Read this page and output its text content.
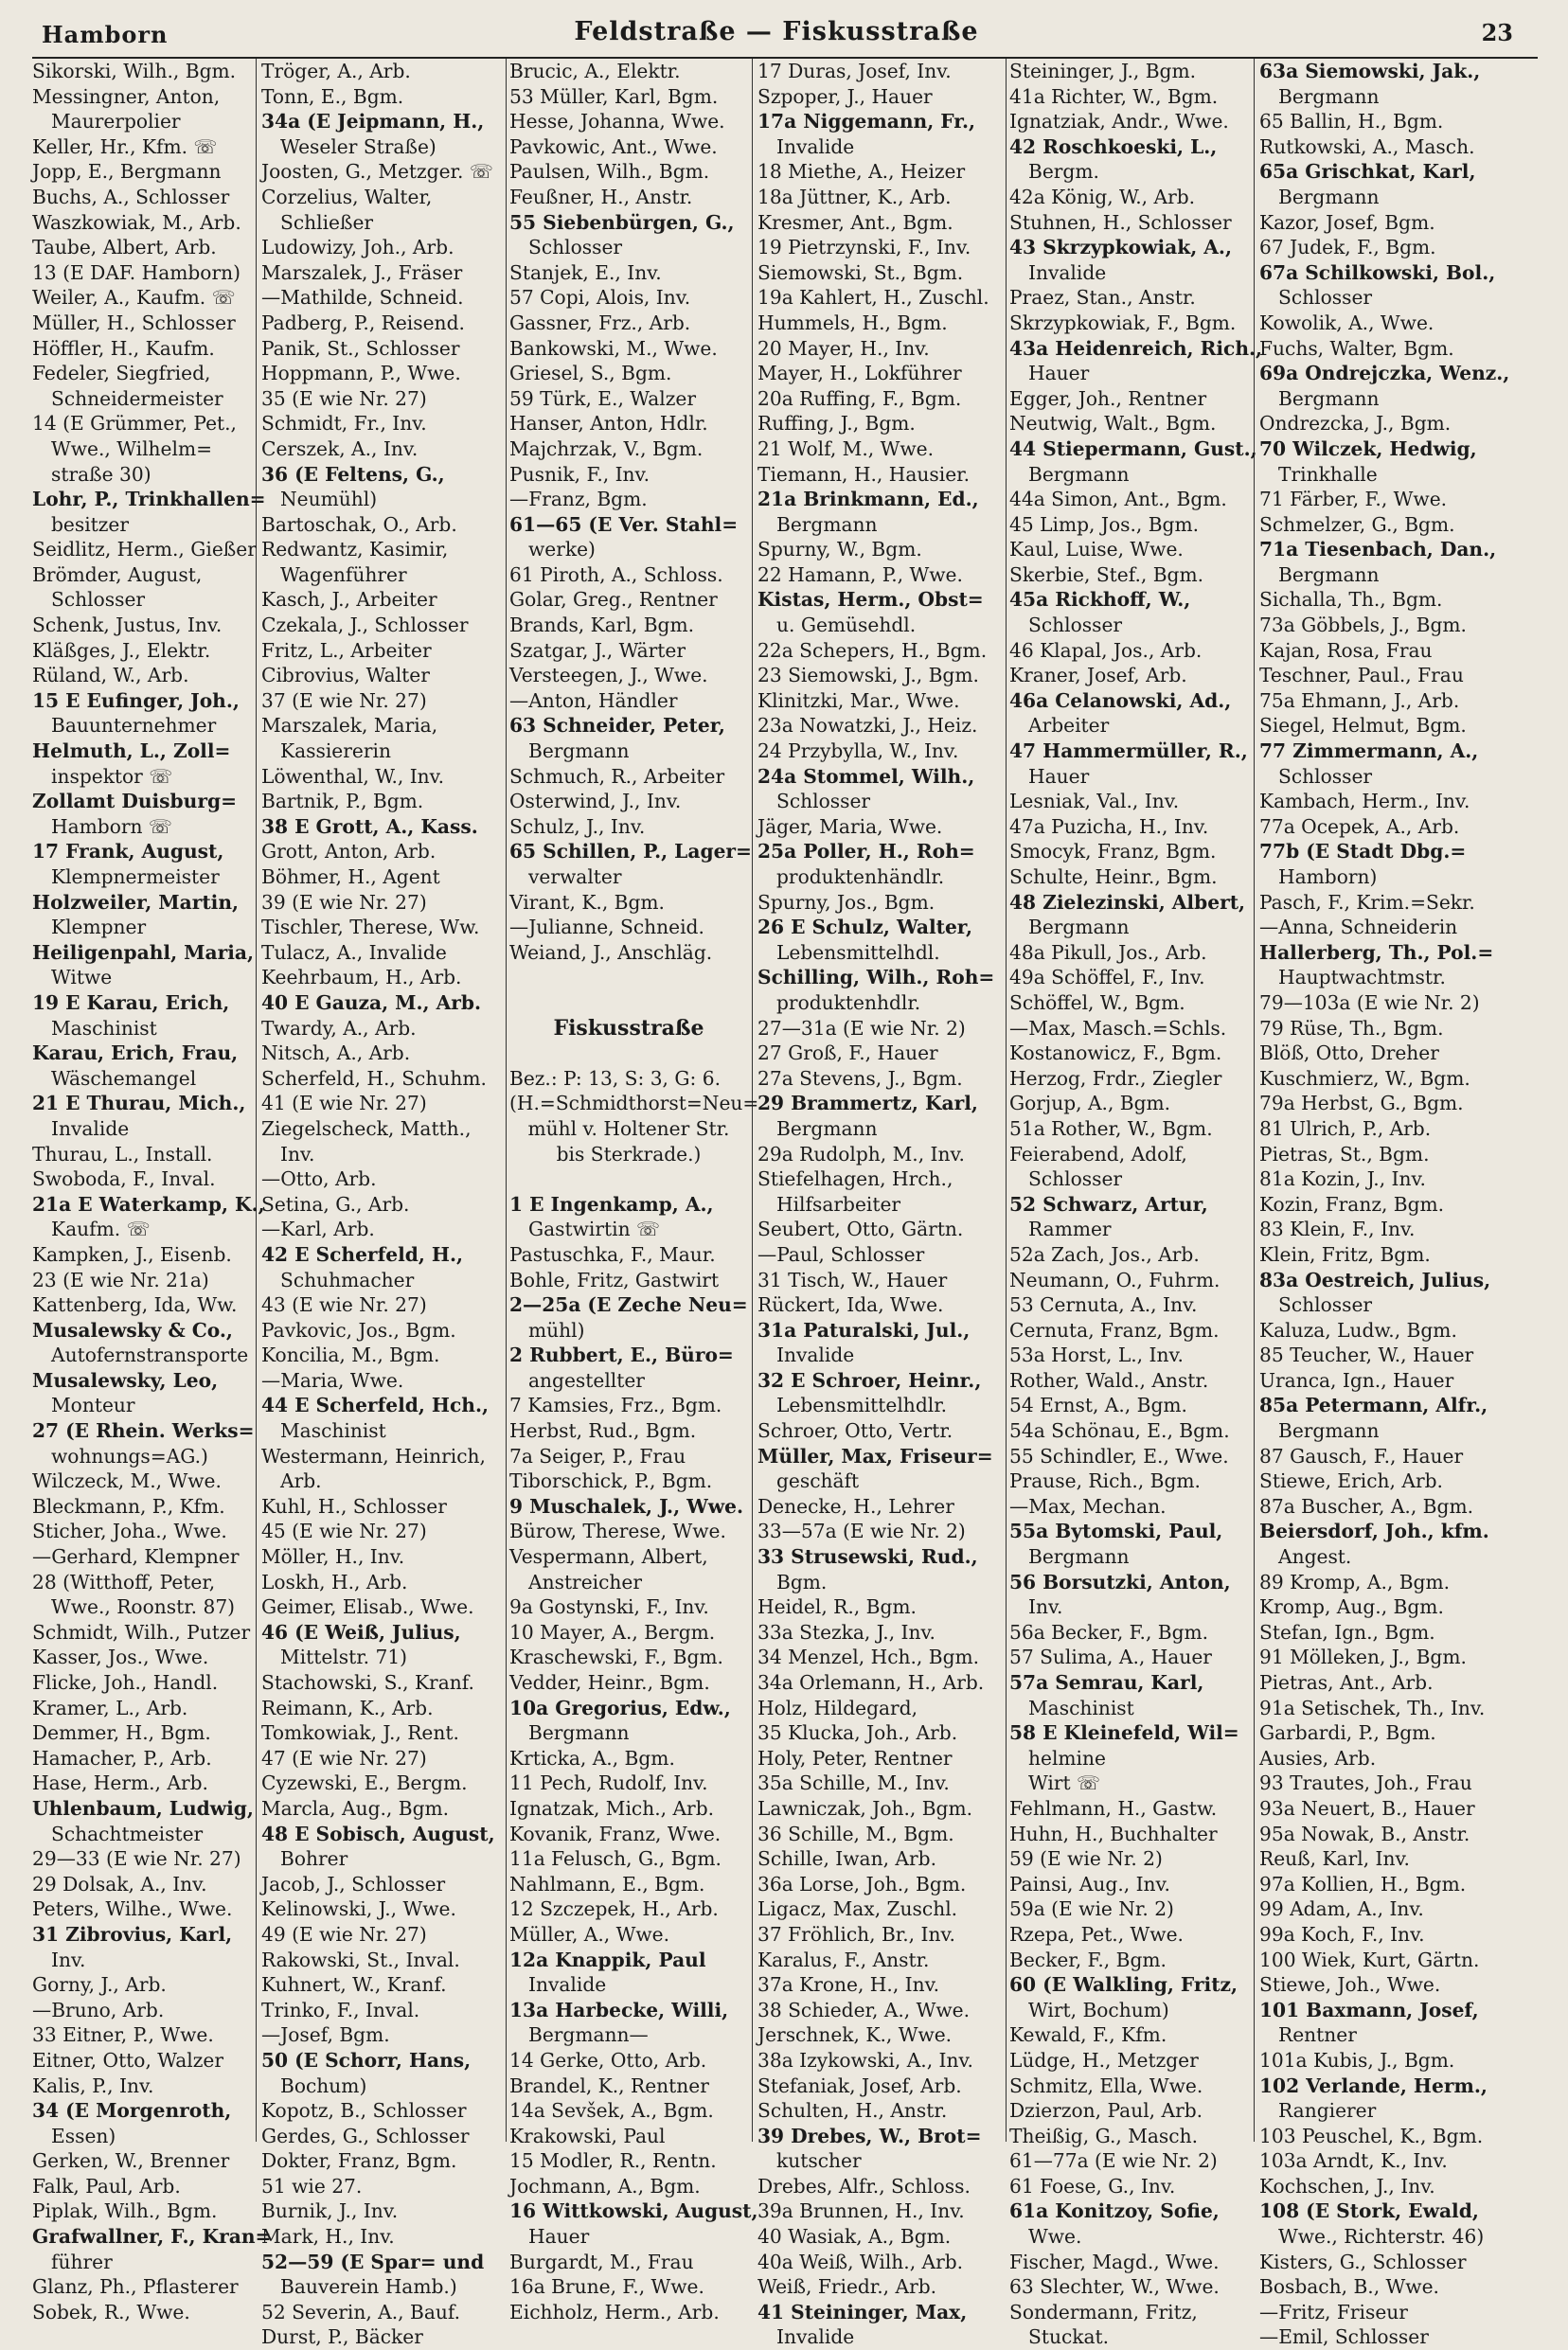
Hamborn	Feldstraße — Fiskusstraße	23
Sikorski, Wilh., Bgm.
Messingner, Anton,
Maurerpolier
Keller, Hr., Kfm. ☏
Jopp, E., Bergmann
Buchs, A., Schlosser
Waszkowiak, M., Arb.
Taube, Albert, Arb.
13 (E DAF. Hamborn)
Weiler, A., Kaufm. ☏
Müller, H., Schlosser
Höffler, H., Kaufm.
Fedeler, Siegfried,
Schneidermeister
14 (E Grümmer, Pet.,
Wwe., Wilhelm=
straße 30)
Lohr, P., Trinkhallen=
besitzer
Seidlitz, Herm., Gießer
Brömder, August,
Schlosser
Schenk, Justus, Inv.
Kläßges, J., Elektr.
Rüland, W., Arb.
15 E Eufinger, Joh.,
Bauunternehmer
Helmuth, L., Zoll=
inspektor ☏
Zollamt Duisburg=
Hamborn ☏
17 Frank, August,
Klempnermeister
Holzweiler, Martin,
Klempner
Heiligenpahl, Maria,
Witwe
19 E Karau, Erich,
Maschinist
Karau, Erich, Frau,
Wäschemangel
21 E Thurau, Mich.,
Invalide
Thurau, L., Install.
Swoboda, F., Inval.
21a E Waterkamp, K.,
Kaufm. ☏
Kampken, J., Eisenb.
23 (E wie Nr. 21a)
Kattenberg, Ida, Ww.
Musalewsky & Co.,
Autofernstransporte
Musalewsky, Leo,
Monteur
27 (E Rhein. Werks=
wohnungs=AG.)
Wilczeck, M., Wwe.
Bleckmann, P., Kfm.
Sticher, Joha., Wwe.
—Gerhard, Klempner
28 (Witthoff, Peter,
Wwe., Roonstr. 87)
Schmidt, Wilh., Putzer
Kasser, Jos., Wwe.
Flicke, Joh., Handl.
Kramer, L., Arb.
Demmer, H., Bgm.
Hamacher, P., Arb.
Hase, Herm., Arb.
Uhlenbaum, Ludwig,
Schachtmeister
29—33 (E wie Nr. 27)
29 Dolsak, A., Inv.
Peters, Wilhe., Wwe.
31 Zibrovius, Karl,
Inv.
Gorny, J., Arb.
—Bruno, Arb.
33 Eitner, P., Wwe.
Eitner, Otto, Walzer
Kalis, P., Inv.
34 (E Morgenroth,
Essen)
Gerken, W., Brenner
Falk, Paul, Arb.
Piplak, Wilh., Bgm.
Grafwallner, F., Kran=
führer
Glanz, Ph., Pflasterer
Sobek, R., Wwe.
Tröger, A., Arb.
Tonn, E., Bgm.
34a (E Jeipmann, H.,
Weseler Straße)
Joosten, G., Metzger. ☏
Corzelius, Walter,
Schließer
Ludowizy, Joh., Arb.
Marszalek, J., Fräser
—Mathilde, Schneid.
Padberg, P., Reisend.
Panik, St., Schlosser
Hoppmann, P., Wwe.
35 (E wie Nr. 27)
Schmidt, Fr., Inv.
Cerszek, A., Inv.
36 (E Feltens, G.,
Neumühl)
Bartoschak, O., Arb.
Redwantz, Kasimir,
Wagenführer
Kasch, J., Arbeiter
Czekala, J., Schlosser
Fritz, L., Arbeiter
Cibrovius, Walter
37 (E wie Nr. 27)
Marszalek, Maria,
Kassiererin
Löwenthal, W., Inv.
Bartnik, P., Bgm.
38 E Grott, A., Kass.
Grott, Anton, Arb.
Böhmer, H., Agent
39 (E wie Nr. 27)
Tischler, Therese, Ww.
Tulacz, A., Invalide
Keehrbaum, H., Arb.
40 E Gauza, M., Arb.
Twardy, A., Arb.
Nitsch, A., Arb.
Scherfeld, H., Schuhm.
41 (E wie Nr. 27)
Ziegelscheck, Matth.,
Inv.
—Otto, Arb.
Setina, G., Arb.
—Karl, Arb.
42 E Scherfeld, H.,
Schuhmacher
43 (E wie Nr. 27)
Pavkovic, Jos., Bgm.
Koncilia, M., Bgm.
—Maria, Wwe.
44 E Scherfeld, Hch.,
Maschinist
Westermann, Heinrich,
Arb.
Kuhl, H., Schlosser
45 (E wie Nr. 27)
Möller, H., Inv.
Loskh, H., Arb.
Geimer, Elisab., Wwe.
46 (E Weiß, Julius,
Mittelstr. 71)
Stachowski, S., Kranf.
Reimann, K., Arb.
Tomkowiak, J., Rent.
47 (E wie Nr. 27)
Cyzewski, E., Bergm.
Marcla, Aug., Bgm.
48 E Sobisch, August,
Bohrer
Jacob, J., Schlosser
Kelinowski, J., Wwe.
49 (E wie Nr. 27)
Rakowski, St., Inval.
Kuhnert, W., Kranf.
Trinko, F., Inval.
—Josef, Bgm.
50 (E Schorr, Hans,
Bochum)
Kopotz, B., Schlosser
Gerdes, G., Schlosser
Dokter, Franz, Bgm.
51 wie 27.
Burnik, J., Inv.
Mark, H., Inv.
52—59 (E Spar= und
Bauverein Hamb.)
52 Severin, A., Bauf.
Durst, P., Bäcker
Brucic, A., Elektr.
53 Müller, Karl, Bgm.
Hesse, Johanna, Wwe.
Pavkowic, Ant., Wwe.
Paulsen, Wilh., Bgm.
Feußner, H., Anstr.
55 Siebenbürgen, G.,
Schlosser
Stanjek, E., Inv.
57 Copi, Alois, Inv.
Gassner, Frz., Arb.
Bankowski, M., Wwe.
Griesel, S., Bgm.
59 Türk, E., Walzer
Hanser, Anton, Hdlr.
Majchrzak, V., Bgm.
Pusnik, F., Inv.
—Franz, Bgm.
61—65 (E Ver. Stahl=
werke)
61 Piroth, A., Schloss.
Golar, Greg., Rentner
Brands, Karl, Bgm.
Szatgar, J., Wärter
Versteegen, J., Wwe.
—Anton, Händler
63 Schneider, Peter,
Bergmann
Schmuch, R., Arbeiter
Osterwind, J., Inv.
Schulz, J., Inv.
65 Schillen, P., Lager=
verwalter
Virant, K., Bgm.
—Julianne, Schneid.
Weiand, J., Anschläg.
Fiskusstraße
Bez.: P: 13, S: 3, G: 6.
(H.=Schmidthorst=Neu=
mühl v. Holtener Str.
bis Sterkrade.)
1 E Ingenkamp, A.,
Gastwirtin ☏
Pastuschka, F., Maur.
Bohle, Fritz, Gastwirt
2—25a (E Zeche Neu=
mühl)
2 Rubbert, E., Büro=
angestellter
7 Kamsies, Frz., Bgm.
Herbst, Rud., Bgm.
7a Seiger, P., Frau
Tiborschick, P., Bgm.
9 Muschalek, J., Wwe.
Bürow, Therese, Wwe.
Vespermann, Albert,
Anstreicher
9a Gostynski, F., Inv.
10 Mayer, A., Bergm.
Kraschewski, F., Bgm.
Vedder, Heinr., Bgm.
10a Gregorius, Edw.,
Bergmann
Krticka, A., Bgm.
11 Pech, Rudolf, Inv.
Ignatzak, Mich., Arb.
Kovanik, Franz, Wwe.
11a Felusch, G., Bgm.
Nahlmann, E., Bgm.
12 Szczepek, H., Arb.
Müller, A., Wwe.
12a Knappik, Paul
Invalide
13a Harbecke, Willi,
Bergmann—
14 Gerke, Otto, Arb.
Brandel, K., Rentner
14a Sevšek, A., Bgm.
Krakowski, Paul
15 Modler, R., Rentn.
Jochmann, A., Bgm.
16 Wittkowski, August,
Hauer
Burgardt, M., Frau
16a Brune, F., Wwe.
Eichholz, Herm., Arb.
17 Duras, Josef, Inv.
Szpoper, J., Hauer
17a Niggemann, Fr.,
Invalide
18 Miethe, A., Heizer
18a Jüttner, K., Arb.
Kresmer, Ant., Bgm.
19 Pietrzynski, F., Inv.
Siemowski, St., Bgm.
19a Kahlert, H., Zuschl.
Hummels, H., Bgm.
20 Mayer, H., Inv.
Mayer, H., Lokführer
20a Ruffing, F., Bgm.
Ruffing, J., Bgm.
21 Wolf, M., Wwe.
Tiemann, H., Hausier.
21a Brinkmann, Ed.,
Bergmann
Spurny, W., Bgm.
22 Hamann, P., Wwe.
Kistas, Herm., Obst=
u. Gemüsehdl.
22a Schepers, H., Bgm.
23 Siemowski, J., Bgm.
Klinitzki, Mar., Wwe.
23a Nowatzki, J., Heiz.
24 Przybylla, W., Inv.
24a Stommel, Wilh.,
Schlosser
Jäger, Maria, Wwe.
25a Poller, H., Roh=
produktenhändlr.
Spurny, Jos., Bgm.
26 E Schulz, Walter,
Lebensmittelhdl.
Schilling, Wilh., Roh=
produktenhdlr.
27—31a (E wie Nr. 2)
27 Groß, F., Hauer
27a Stevens, J., Bgm.
29 Brammertz, Karl,
Bergmann
29a Rudolph, M., Inv.
Stiefelhagen, Hrch.,
Hilfsarbeiter
Seubert, Otto, Gärtn.
—Paul, Schlosser
31 Tisch, W., Hauer
Rückert, Ida, Wwe.
31a Paturalski, Jul.,
Invalide
32 E Schroer, Heinr.,
Lebensmittelhdlr.
Schroer, Otto, Vertr.
Müller, Max, Friseur=
geschäft
Denecke, H., Lehrer
33—57a (E wie Nr. 2)
33 Strusewski, Rud.,
Bgm.
Heidel, R., Bgm.
33a Stezka, J., Inv.
34 Menzel, Hch., Bgm.
34a Orlemann, H., Arb.
Holz, Hildegard,
35 Klucka, Joh., Arb.
Holy, Peter, Rentner
35a Schille, M., Inv.
Lawniczak, Joh., Bgm.
36 Schille, M., Bgm.
Schille, Iwan, Arb.
36a Lorse, Joh., Bgm.
Ligacz, Max, Zuschl.
37 Fröhlich, Br., Inv.
Karalus, F., Anstr.
37a Krone, H., Inv.
38 Schieder, A., Wwe.
Jerschnek, K., Wwe.
38a Izykowski, A., Inv.
Stefaniak, Josef, Arb.
Schulten, H., Anstr.
39 Drebes, W., Brot=
kutscher
Drebes, Alfr., Schloss.
39a Brunnen, H., Inv.
40 Wasiak, A., Bgm.
40a Weiß, Wilh., Arb.
Weiß, Friedr., Arb.
41 Steininger, Max,
Invalide
Steininger, J., Bgm.
41a Richter, W., Bgm.
Ignatziak, Andr., Wwe.
42 Roschkoeski, L.,
Bergm.
42a König, W., Arb.
Stuhnen, H., Schlosser
43 Skrzypkowiak, A.,
Invalide
Praez, Stan., Anstr.
Skrzypkowiak, F., Bgm.
43a Heidenreich, Rich.,
Hauer
Egger, Joh., Rentner
Neutwig, Walt., Bgm.
44 Stiepermann, Gust.,
Bergmann
44a Simon, Ant., Bgm.
45 Limp, Jos., Bgm.
Kaul, Luise, Wwe.
Skerbie, Stef., Bgm.
45a Rickhoff, W.,
Schlosser
46 Klapal, Jos., Arb.
Kraner, Josef, Arb.
46a Celanowski, Ad.,
Arbeiter
47 Hammermüller, R.,
Hauer
Lesniak, Val., Inv.
47a Puzicha, H., Inv.
Smocyk, Franz, Bgm.
Schulte, Heinr., Bgm.
48 Zielezinski, Albert,
Bergmann
48a Pikull, Jos., Arb.
49a Schöffel, F., Inv.
Schöffel, W., Bgm.
—Max, Masch.=Schls.
Kostanowicz, F., Bgm.
Herzog, Frdr., Ziegler
Gorjup, A., Bgm.
51a Rother, W., Bgm.
Feierabend, Adolf,
Schlosser
52 Schwarz, Artur,
Rammer
52a Zach, Jos., Arb.
Neumann, O., Fuhrm.
53 Cernuta, A., Inv.
Cernuta, Franz, Bgm.
53a Horst, L., Inv.
Rother, Wald., Anstr.
54 Ernst, A., Bgm.
54a Schönau, E., Bgm.
55 Schindler, E., Wwe.
Prause, Rich., Bgm.
—Max, Mechan.
55a Bytomski, Paul,
Bergmann
56 Borsutzki, Anton,
Inv.
56a Becker, F., Bgm.
57 Sulima, A., Hauer
57a Semrau, Karl,
Maschinist
58 E Kleinefeld, Wil=
helmine
Wirt ☏
Fehlmann, H., Gastw.
Huhn, H., Buchhalter
59 (E wie Nr. 2)
Painsi, Aug., Inv.
59a (E wie Nr. 2)
Rzepa, Pet., Wwe.
Becker, F., Bgm.
60 (E Walkling, Fritz,
Wirt, Bochum)
Kewald, F., Kfm.
Lüdge, H., Metzger
Schmitz, Ella, Wwe.
Dzierzon, Paul, Arb.
Theißig, G., Masch.
61—77a (E wie Nr. 2)
61 Foese, G., Inv.
61a Konitzoy, Sofie,
Wwe.
Fischer, Magd., Wwe.
63 Slechter, W., Wwe.
Sondermann, Fritz,
Stuckat.
63a Siemowski, Jak.,
Bergmann
65 Ballin, H., Bgm.
Rutkowski, A., Masch.
65a Grischkat, Karl,
Bergmann
Kazor, Josef, Bgm.
67 Judek, F., Bgm.
67a Schilkowski, Bol.,
Schlosser
Kowolik, A., Wwe.
Fuchs, Walter, Bgm.
69a Ondrejczka, Wenz.,
Bergmann
Ondrezcka, J., Bgm.
70 Wilczek, Hedwig,
Trinkhalle
71 Färber, F., Wwe.
Schmelzer, G., Bgm.
71a Tiesenbach, Dan.,
Bergmann
Sichalla, Th., Bgm.
73a Göbbels, J., Bgm.
Kajan, Rosa, Frau
Teschner, Paul., Frau
75a Ehmann, J., Arb.
Siegel, Helmut, Bgm.
77 Zimmermann, A.,
Schlosser
Kambach, Herm., Inv.
77a Ocepek, A., Arb.
77b (E Stadt Dbg.=
Hamborn)
Pasch, F., Krim.=Sekr.
—Anna, Schneiderin
Hallerberg, Th., Pol.=
Hauptwachtmstr.
79—103a (E wie Nr. 2)
79 Rüse, Th., Bgm.
Blöß, Otto, Dreher
Kuschmierz, W., Bgm.
79a Herbst, G., Bgm.
81 Ulrich, P., Arb.
Pietras, St., Bgm.
81a Kozin, J., Inv.
Kozin, Franz, Bgm.
83 Klein, F., Inv.
Klein, Fritz, Bgm.
83a Oestreich, Julius,
Schlosser
Kaluza, Ludw., Bgm.
85 Teucher, W., Hauer
Uranca, Ign., Hauer
85a Petermann, Alfr.,
Bergmann
87 Gausch, F., Hauer
Stiewe, Erich, Arb.
87a Buscher, A., Bgm.
Beiersdorf, Joh., kfm.
Angest.
89 Kromp, A., Bgm.
Kromp, Aug., Bgm.
Stefan, Ign., Bgm.
91 Mölleken, J., Bgm.
Pietras, Ant., Arb.
91a Setischek, Th., Inv.
Garbardi, P., Bgm.
Ausies, Arb.
93 Trautes, Joh., Frau
93a Neuert, B., Hauer
95a Nowak, B., Anstr.
Reuß, Karl, Inv.
97a Kollien, H., Bgm.
99 Adam, A., Inv.
99a Koch, F., Inv.
100 Wiek, Kurt, Gärtn.
Stiewe, Joh., Wwe.
101 Baxmann, Josef,
Rentner
101a Kubis, J., Bgm.
102 Verlande, Herm.,
Rangierer
103 Peuschel, K., Bgm.
103a Arndt, K., Inv.
Kochschen, J., Inv.
108 (E Stork, Ewald,
Wwe., Richterstr. 46)
Kisters, G., Schlosser
Bosbach, B., Wwe.
—Fritz, Friseur
—Emil, Schlosser
